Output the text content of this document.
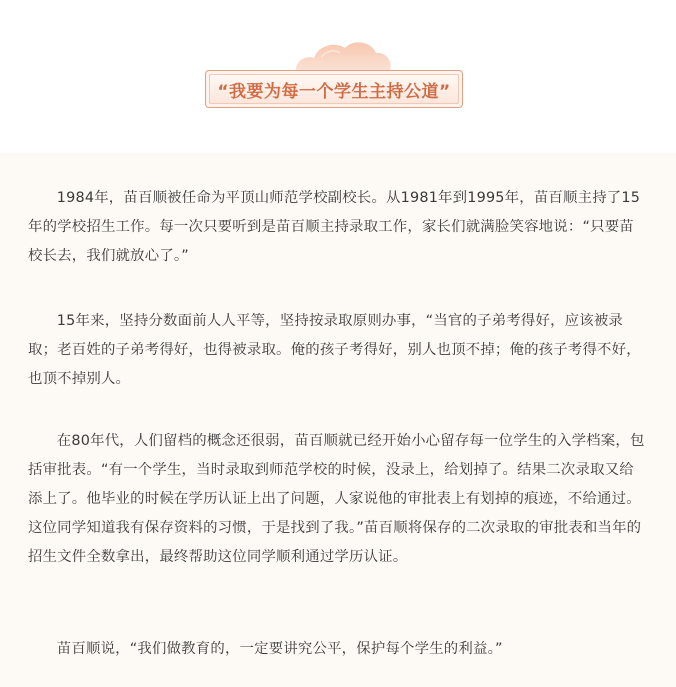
“我要为每一个学生主持公道”

1984年，苗百顺被任命为平顶山师范学校副校长。从1981年到1995年，苗百顺主持了15年的学校招生工作。每一次只要听到是苗百顺主持录取工作，家长们就满脸笑容地说：“只要苗校长去，我们就放心了。”

15年来，坚持分数面前人人平等，坚持按录取原则办事，“当官的子弟考得好，应该被录取；老百姓的子弟考得好，也得被录取。俺的孩子考得好，别人也顶不掉；俺的孩子考得不好，也顶不掉别人。

在80年代，人们留档的概念还很弱，苗百顺就已经开始小心留存每一位学生的入学档案，包括审批表。“有一个学生，当时录取到师范学校的时候，没录上，给划掉了。结果二次录取又给添上了。他毕业的时候在学历认证上出了问题，人家说他的审批表上有划掉的痕迹，不给通过。这位同学知道我有保存资料的习惯，于是找到了我。”苗百顺将保存的二次录取的审批表和当年的招生文件全数拿出，最终帮助这位同学顺利通过学历认证。

苗百顺说，“我们做教育的，一定要讲究公平，保护每个学生的利益。”
